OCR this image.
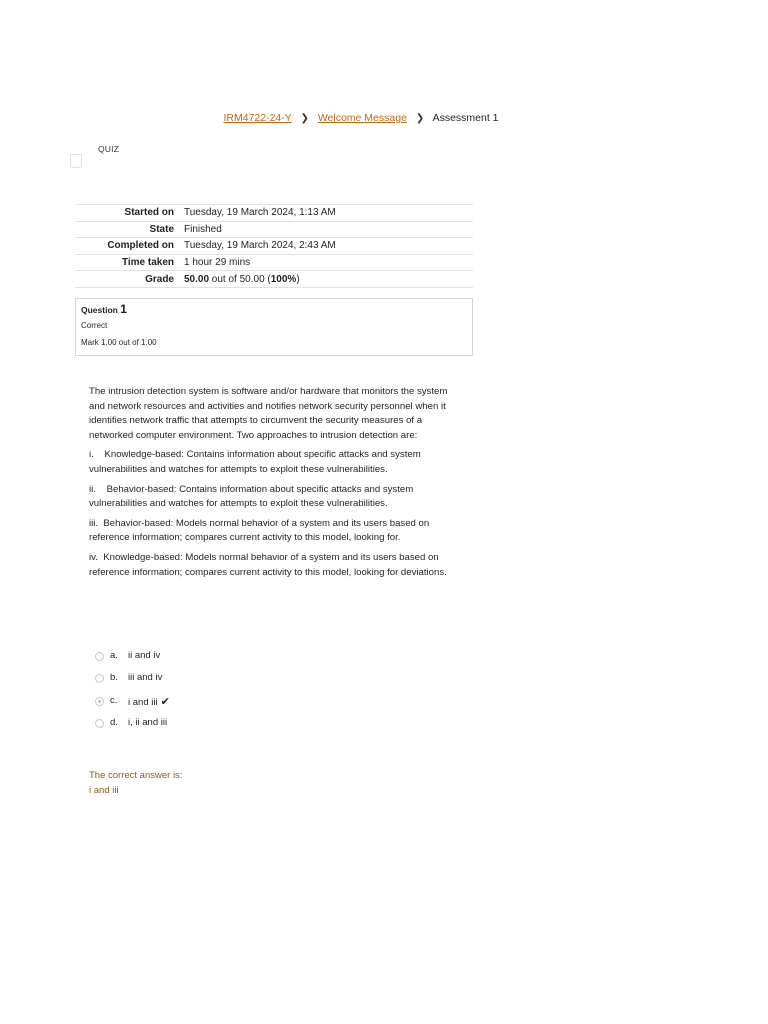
IRM4722-24-Y ❯ Welcome Message ❯ Assessment 1
QUIZ
Started on	Tuesday, 19 March 2024, 1:13 AM
State	Finished
Completed on	Tuesday, 19 March 2024, 2:43 AM
Time taken	1 hour 29 mins
Grade	50.00 out of 50.00 (100%)
Question 1
Correct
Mark 1.00 out of 1.00

The intrusion detection system is software and/or hardware that monitors the system and network resources and activities and notifies network security personnel when it identifies network traffic that attempts to circumvent the security measures of a networked computer environment. Two approaches to intrusion detection are:

i.    Knowledge-based: Contains information about specific attacks and system vulnerabilities and watches for attempts to exploit these vulnerabilities.

ii.    Behavior-based: Contains information about specific attacks and system vulnerabilities and watches for attempts to exploit these vulnerabilities.

iii.  Behavior-based: Models normal behavior of a system and its users based on reference information; compares current activity to this model, looking for.

iv.  Knowledge-based: Models normal behavior of a system and its users based on reference information; compares current activity to this model, looking for deviations.

a. ii and iv
b. iii and iv
c. i and iii ✔
d. i, ii and iii
The correct answer is:
i and iii
